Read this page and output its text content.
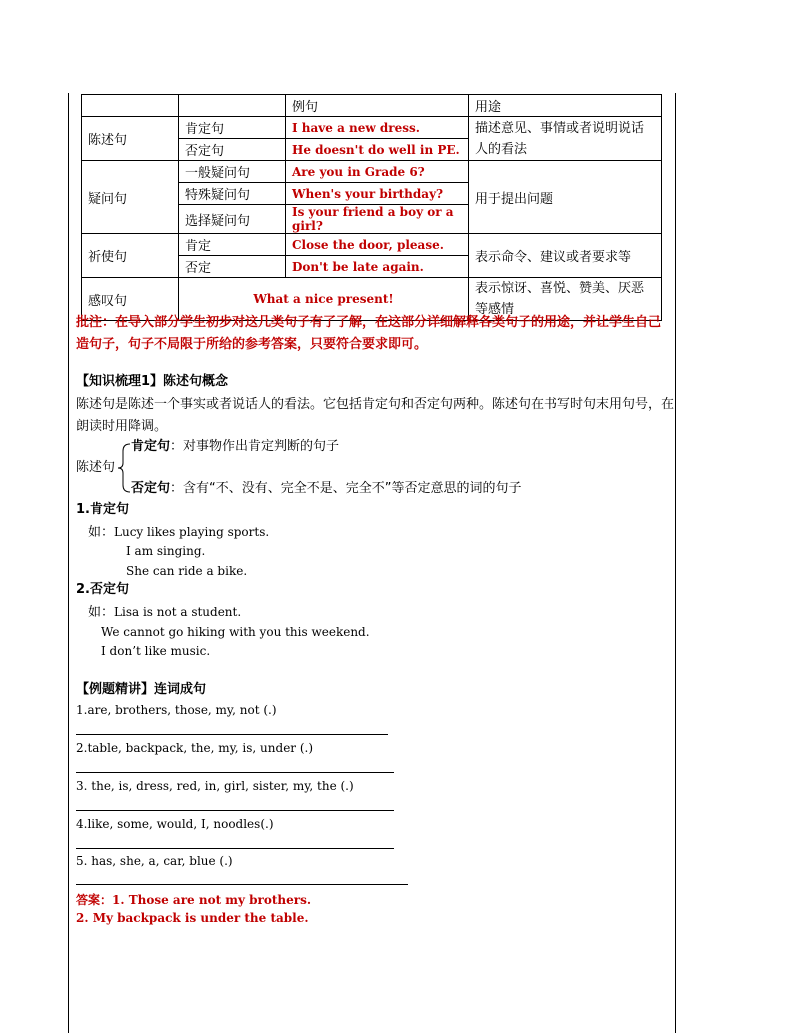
		例句	用途
陈述句	肯定句	I have a new dress.	描述意见、事情或者说明说话人的看法
	否定句	He doesn't do well in PE.	
疑问句	一般疑问句	Are you in Grade 6?	用于提出问题
	特殊疑问句	When's your birthday?	
	选择疑问句	Is your friend a boy or a girl?	
祈使句	肯定	Close the door, please.	表示命令、建议或者要求等
	否定	Don't be late again.	
感叹句	What a nice present!		表示惊讶、喜悦、赞美、厌恶等感情
批注：在导入部分学生初步对这几类句子有了了解，在这部分详细解释各类句子的用途，并让学生自己造句子，句子不局限于所给的参考答案，只要符合要求即可。
【知识梳理1】陈述句概念
陈述句是陈述一个事实或者说话人的看法。它包括肯定句和否定句两种。陈述句在书写时句末用句号，在朗读时用降调。
陈述句
肯定句：对事物作出肯定判断的句子
否定句：含有“不、没有、完全不是、完全不”等否定意思的词的句子
1.肯定句
如：Lucy likes playing sports.
I am singing.
She can ride a bike.
2.否定句
如：Lisa is not a student.
We cannot go hiking with you this weekend.
I don’t like music.
【例题精讲】连词成句
1.are, brothers, those, my, not (.)
2.table, backpack, the, my, is, under (.)
3. the, is, dress, red, in, girl, sister, my, the (.)
4.like, some, would, I, noodles(.)
5. has, she, a, car, blue (.)
答案：1. Those are not my brothers.
2. My backpack is under the table.
